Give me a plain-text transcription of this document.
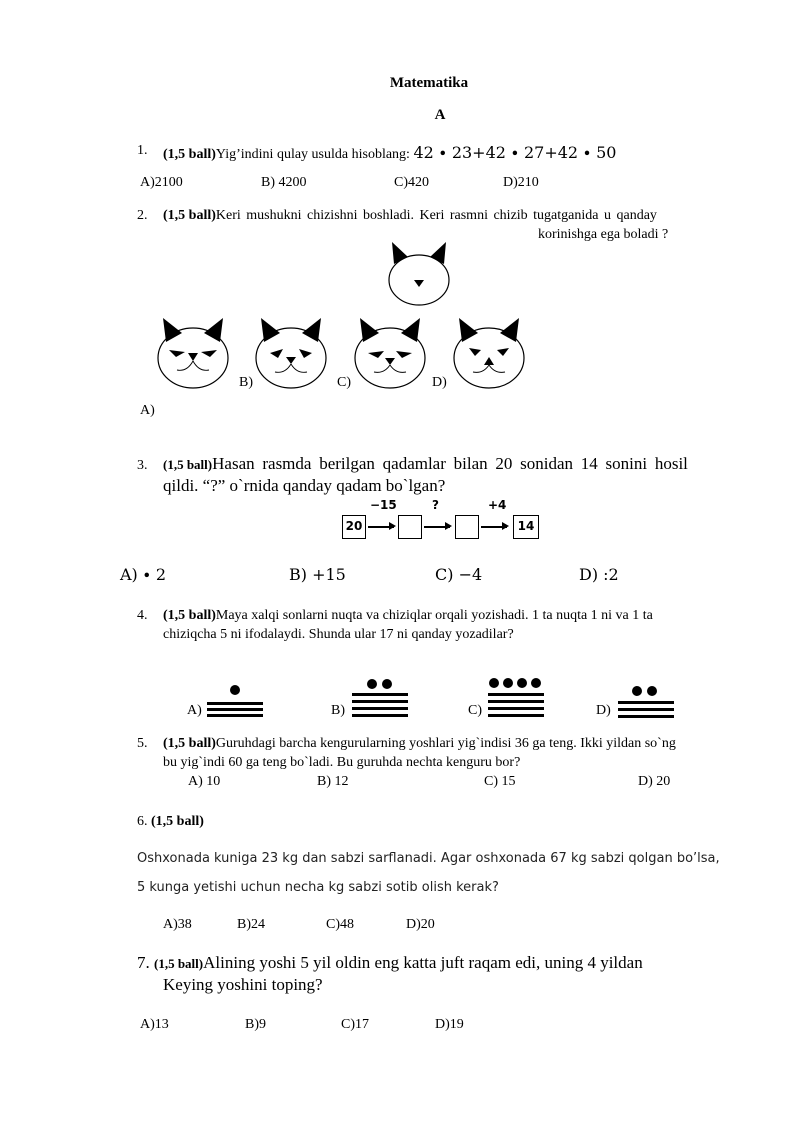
Matematika
A
1. (1,5 ball)Yig’indini qulay usulda hisoblang: 42 ∙ 23+42 ∙ 27+42 ∙ 50
A)2100	B) 4200	C)420	D)210
2. (1,5 ball)Keri mushukni chizishni boshladi. Keri rasmni chizib tugatganida u qanday
korinishga ega boladi ?
A)
B)	C)	D)
3. (1,5 ball)Hasan rasmda berilgan qadamlar bilan 20 sonidan 14 sonini hosil
qildi. “?” o`rnida qanday qadam bo`lgan?
−15	?	+4
20	14
A) ∙ 2	B) +15	C) −4	D) :2
4. (1,5 ball)Maya xalqi sonlarni nuqta va chiziqlar orqali yozishadi. 1 ta nuqta 1 ni va 1 ta
chiziqcha 5 ni ifodalaydi. Shunda ular 17 ni qanday yozadilar?
A)	B)	C)	D)
5. (1,5 ball)Guruhdagi barcha kengurularning yoshlari yig`indisi 36 ga teng. Ikki yildan so`ng
bu yig`indi 60 ga teng bo`ladi. Bu guruhda nechta kenguru bor?
A) 10	B) 12	C) 15	D) 20
6. (1,5 ball)
Oshxonada kuniga 23 kg dan sabzi sarflanadi. Agar oshxonada 67 kg sabzi qolgan bo’lsa,
5 kunga yetishi uchun necha kg sabzi sotib olish kerak?
A)38	B)24	C)48	D)20
7. (1,5 ball)Alining yoshi 5 yil oldin eng katta juft raqam edi, uning 4 yildan
Keying yoshini toping?
A)13	B)9	C)17	D)19
